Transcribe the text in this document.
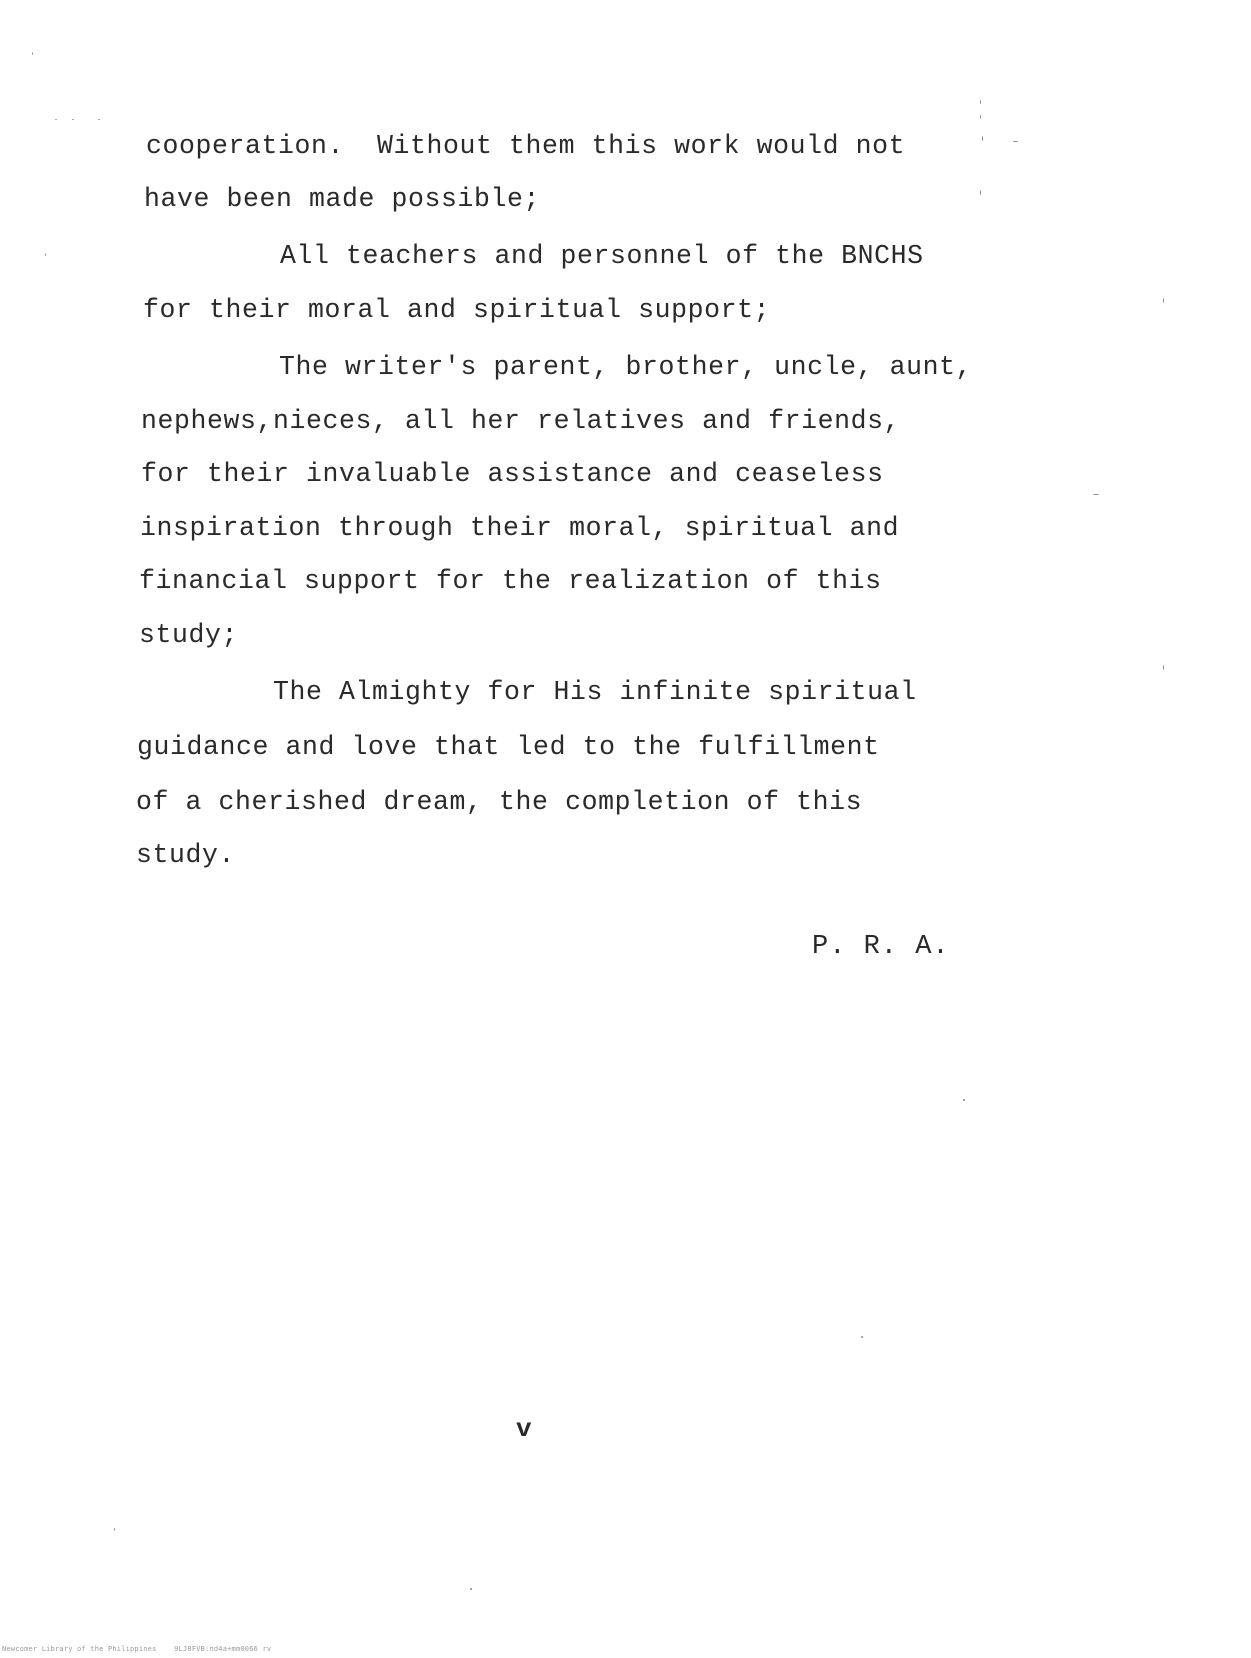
cooperation.  Without them this work would not
have been made possible;
All teachers and personnel of the BNCHS
for their moral and spiritual support;
The writer's parent, brother, uncle, aunt,
nephews,nieces, all her relatives and friends,
for their invaluable assistance and ceaseless
inspiration through their moral, spiritual and
financial support for the realization of this
study;
The Almighty for His infinite spiritual
guidance and love that led to the fulfillment
of a cherished dream, the completion of this
study.
P. R. A.
v
Newcomer Library of the Philippines    9LJ8FVB:nd4a+mm0066 rv
